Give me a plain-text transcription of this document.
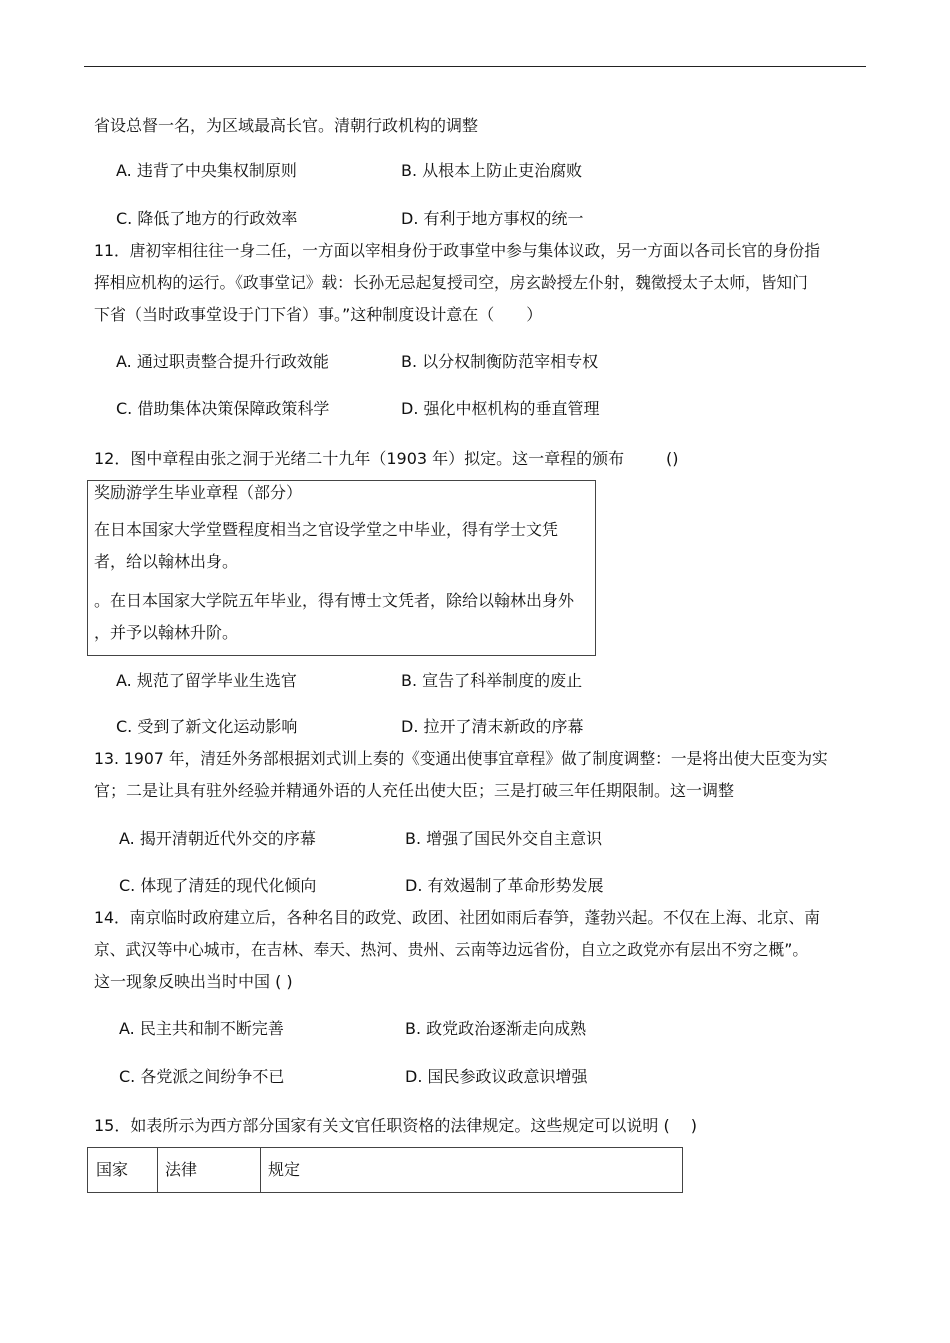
省设总督一名，为区域最高长官。清朝行政机构的调整
A. 违背了中央集权制原则	B. 从根本上防止吏治腐败
C. 降低了地方的行政效率	D. 有利于地方事权的统一
11．唐初宰相往往一身二任，一方面以宰相身份于政事堂中参与集体议政，另一方面以各司长官的身份指
挥相应机构的运行。《政事堂记》载：长孙无忌起复授司空，房玄龄授左仆射，魏徵授太子太师，皆知门
下省（当时政事堂设于门下省）事。”这种制度设计意在（　　）
A. 通过职责整合提升行政效能	B. 以分权制衡防范宰相专权
C. 借助集体决策保障政策科学	D. 强化中枢机构的垂直管理
12．图中章程由张之洞于光绪二十九年（1903 年）拟定。这一章程的颁布	()
奖励游学生毕业章程（部分）
在日本国家大学堂暨程度相当之官设学堂之中毕业，得有学士文凭
者，给以翰林出身。
。在日本国家大学院五年毕业，得有博士文凭者，除给以翰林出身外
，并予以翰林升阶。
A. 规范了留学毕业生选官	B. 宣告了科举制度的废止
C. 受到了新文化运动影响	D. 拉开了清末新政的序幕
13. 1907 年，清廷外务部根据刘式训上奏的《变通出使事宜章程》做了制度调整：一是将出使大臣变为实
官；二是让具有驻外经验并精通外语的人充任出使大臣；三是打破三年任期限制。这一调整
A. 揭开清朝近代外交的序幕	B. 增强了国民外交自主意识
C. 体现了清廷的现代化倾向	D. 有效遏制了革命形势发展
14．南京临时政府建立后，各种名目的政党、政团、社团如雨后春笋，蓬勃兴起。不仅在上海、北京、南
京、武汉等中心城市，在吉林、奉天、热河、贵州、云南等边远省份，自立之政党亦有层出不穷之概”。
这一现象反映出当时中国 ( )
A. 民主共和制不断完善	B. 政党政治逐渐走向成熟
C. 各党派之间纷争不已	D. 国民参政议政意识增强
15．如表所示为西方部分国家有关文官任职资格的法律规定。这些规定可以说明 (　 )
国家 法律	规定
